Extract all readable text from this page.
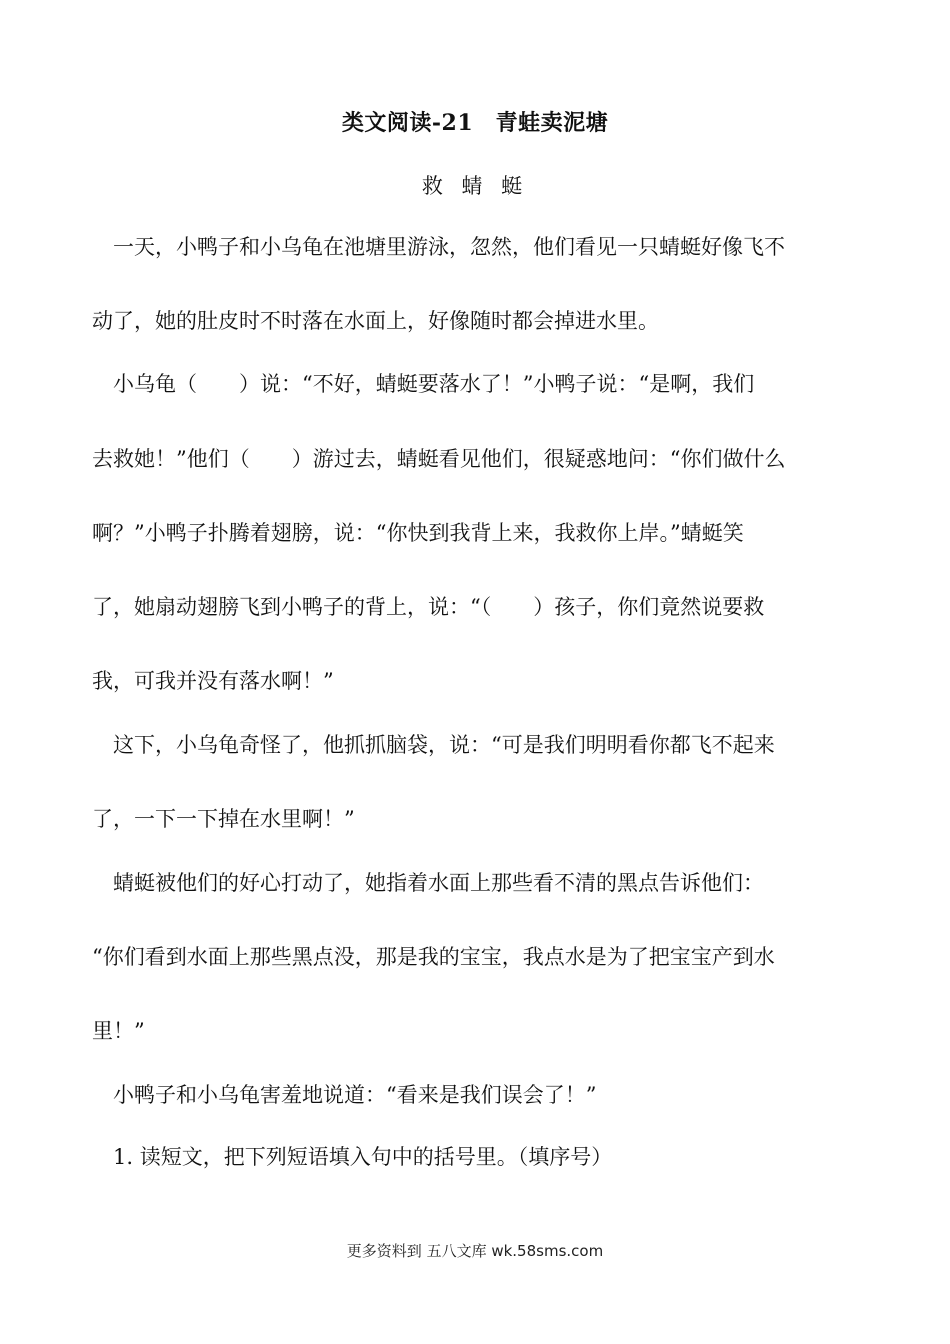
类文阅读-21　青蛙卖泥塘
救 蜻 蜓
　一天，小鸭子和小乌龟在池塘里游泳，忽然，他们看见一只蜻蜓好像飞不
动了，她的肚皮时不时落在水面上，好像随时都会掉进水里。
　小乌龟（　　）说：“不好，蜻蜓要落水了！”小鸭子说：“是啊，我们
去救她！”他们（　　）游过去，蜻蜓看见他们，很疑惑地问：“你们做什么
啊？”小鸭子扑腾着翅膀，说：“你快到我背上来，我救你上岸。”蜻蜓笑
了，她扇动翅膀飞到小鸭子的背上，说：“（　　）孩子，你们竟然说要救
我，可我并没有落水啊！”
　这下，小乌龟奇怪了，他抓抓脑袋，说：“可是我们明明看你都飞不起来
了，一下一下掉在水里啊！”
　蜻蜓被他们的好心打动了，她指着水面上那些看不清的黑点告诉他们：
“你们看到水面上那些黑点没，那是我的宝宝，我点水是为了把宝宝产到水
里！”
　小鸭子和小乌龟害羞地说道：“看来是我们误会了！”
　1. 读短文，把下列短语填入句中的括号里。（填序号）
更多资料到 五八文库 wk.58sms.com
